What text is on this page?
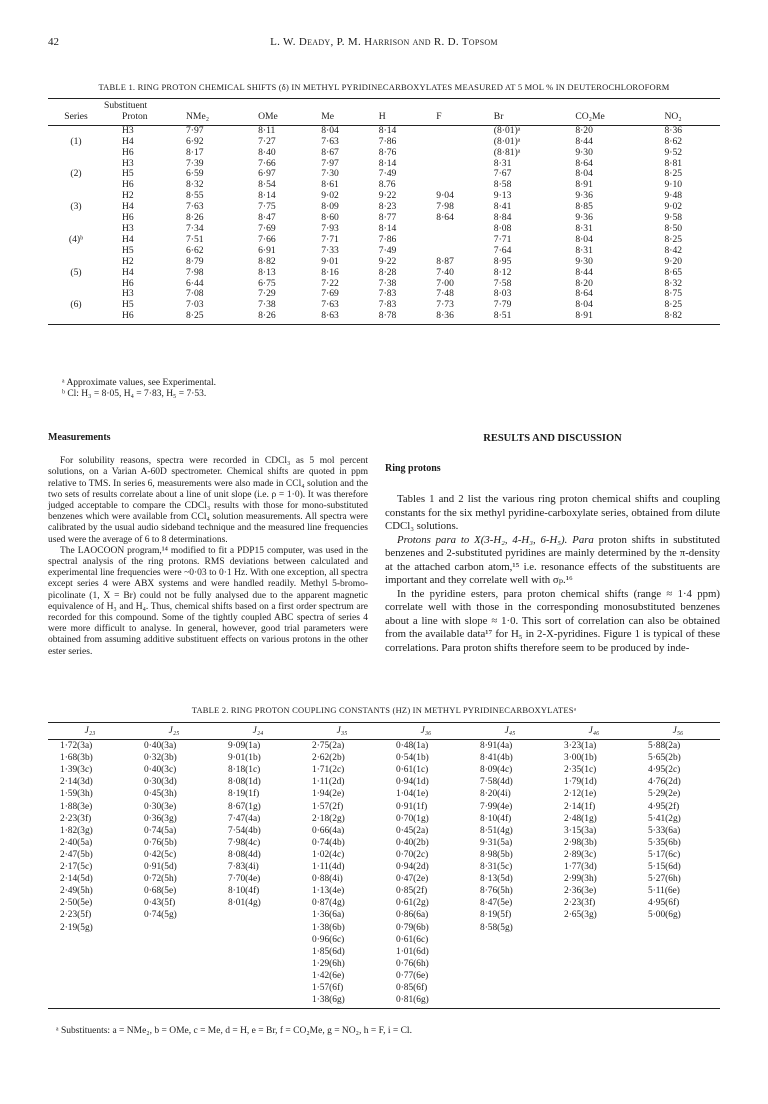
42	L. W. Deady, P. M. Harrison and R. D. Topsom
TABLE 1. RING PROTON CHEMICAL SHIFTS (δ) IN METHYL PYRIDINECARBOXYLATES MEASURED AT 5 MOL % IN DEUTEROCHLOROFORM
	Substituent								
Series	Proton	NMe₂	OMe	Me	H	F	Br	CO₂Me	NO₂
	H3	7·97	8·11	8·04	8·14		(8·01)ᵃ	8·20	8·36
(1)	H4	6·92	7·27	7·63	7·86		(8·01)ᵃ	8·44	8·62
	H6	8·17	8·40	8·67	8·76		(8·81)ᵃ	9·30	9·52
	H3	7·39	7·66	7·97	8·14		8·31	8·64	8·81
(2)	H5	6·59	6·97	7·30	7·49		7·67	8·04	8·25
	H6	8·32	8·54	8·61	8.76		8·58	8·91	9·10
	H2	8·55	8·14	9·02	9·22	9·04	9·13	9·36	9·48
(3)	H4	7·63	7·75	8·09	8·23	7·98	8·41	8·85	9·02
	H6	8·26	8·47	8·60	8·77	8·64	8·84	9·36	9·58
	H3	7·34	7·69	7·93	8·14		8·08	8·31	8·50
(4)ᵇ	H4	7·51	7·66	7·71	7·86		7·71	8·04	8·25
	H5	6·62	6·91	7·33	7·49		7·64	8·31	8·42
	H2	8·79	8·82	9·01	9·22	8·87	8·95	9·30	9·20
(5)	H4	7·98	8·13	8·16	8·28	7·40	8·12	8·44	8·65
	H6	6·44	6·75	7·22	7·38	7·00	7·58	8·20	8·32
	H3	7·08	7·29	7·69	7·83	7·48	8·03	8·64	8·75
(6)	H5	7·03	7·38	7·63	7·83	7·73	7·79	8·04	8·25
	H6	8·25	8·26	8·63	8·78	8·36	8·51	8·91	8·82
ᵃ Approximate values, see Experimental.
ᵇ Cl: H₃ = 8·05, H₄ = 7·83, H₅ = 7·53.
Measurements

For solubility reasons, spectra were recorded in CDCl₃ as 5 mol percent solutions, on a Varian A-60D spectrometer. Chemical shifts are quoted in ppm relative to TMS. In series 6, measurements were also made in CCl₄ solution and the two sets of results correlate about a line of unit slope (i.e. ρ = 1·0). It was therefore judged acceptable to compare the CDCl₃ results with those for mono-substituted benzenes which were available from CCl₄ solution measurements. All spectra were calibrated by the usual audio sideband technique and the measured line frequencies used were the average of 6 to 8 determinations.

The LAOCOON program,¹⁴ modified to fit a PDP15 computer, was used in the spectral analysis of the ring protons. RMS deviations between calculated and experimental line frequencies were ~0·03 to 0·1 Hz. With one exception, all spectra except series 4 were ABX systems and were handled readily. Methyl 5-bromo-picolinate (1, X = Br) could not be fully analysed due to the apparent magnetic equivalence of H₃ and H₄. Thus, chemical shifts based on a first order spectrum are recorded for this compound. Some of the tightly coupled ABC spectra of series 4 were more difficult to analyse. In general, however, good trial parameters were obtained from assuming additive substituent effects on various protons in the other ester series.

RESULTS AND DISCUSSION
Ring protons

Tables 1 and 2 list the various ring proton chemical shifts and coupling constants for the six methyl pyridine-carboxylate series, obtained from dilute CDCl₃ solutions.

Protons para to X(3-H₂, 4-H₃, 6-H₅). Para proton shifts in substituted benzenes and 2-substituted pyridines are mainly determined by the π-density at the attached carbon atom,¹⁵ i.e. resonance effects of the substituents are important and they correlate well with σₚ.¹⁶

In the pyridine esters, para proton chemical shifts (range ≈ 1·4 ppm) correlate well with those in the corresponding monosubstituted benzenes about a line with slope ≈ 1·0. This sort of correlation can also be obtained from the available data¹⁷ for H₅ in 2-X-pyridines. Figure 1 is typical of these correlations. Para proton shifts therefore seem to be produced by inde-

TABLE 2. RING PROTON COUPLING CONSTANTS (HZ) IN METHYL PYRIDINECARBOXYLATESᵃ
J₂₃	J₂₅	J₂₄	J₃₅	J₃₆	J₄₅	J₄₆	J₅₆
1·72(3a)	0·40(3a)	9·09(1a)	2·75(2a)	0·48(1a)	8·91(4a)	3·23(1a)	5·88(2a)
1·68(3b)	0·32(3b)	9·01(1b)	2·62(2b)	0·54(1b)	8·41(4b)	3·00(1b)	5·65(2b)
1·39(3c)	0·40(3c)	8·18(1c)	1·71(2c)	0·61(1c)	8·09(4c)	2·35(1c)	4·95(2c)
2·14(3d)	0·30(3d)	8·08(1d)	1·11(2d)	0·94(1d)	7·58(4d)	1·79(1d)	4·76(2d)
1·59(3h)	0·45(3h)	8·19(1f)	1·94(2e)	1·04(1e)	8·20(4i)	2·12(1e)	5·29(2e)
1·88(3e)	0·30(3e)	8·67(1g)	1·57(2f)	0·91(1f)	7·99(4e)	2·14(1f)	4·95(2f)
2·23(3f)	0·36(3g)	7·47(4a)	2·18(2g)	0·70(1g)	8·10(4f)	2·48(1g)	5·41(2g)
1·82(3g)	0·74(5a)	7·54(4b)	0·66(4a)	0·45(2a)	8·51(4g)	3·15(3a)	5·33(6a)
2·40(5a)	0·76(5b)	7·98(4c)	0·74(4b)	0·40(2b)	9·31(5a)	2·98(3b)	5·35(6b)
2·47(5b)	0·42(5c)	8·08(4d)	1·02(4c)	0·70(2c)	8·98(5b)	2·89(3c)	5·17(6c)
2·17(5c)	0·91(5d)	7·83(4i)	1·11(4d)	0·94(2d)	8·31(5c)	1·77(3d)	5·15(6d)
2·14(5d)	0·72(5h)	7·70(4e)	0·88(4i)	0·47(2e)	8·13(5d)	2·99(3h)	5·27(6h)
2·49(5h)	0·68(5e)	8·10(4f)	1·13(4e)	0·85(2f)	8·76(5h)	2·36(3e)	5·11(6e)
2·50(5e)	0·43(5f)	8·01(4g)	0·87(4g)	0·61(2g)	8·47(5e)	2·23(3f)	4·95(6f)
2·23(5f)	0·74(5g)		1·36(6a)	0·86(6a)	8·19(5f)	2·65(3g)	5·00(6g)
2·19(5g)			1·38(6b)	0·79(6b)	8·58(5g)		
			0·96(6c)	0·61(6c)			
			1·85(6d)	1·01(6d)			
			1·29(6h)	0·76(6h)			
			1·42(6e)	0·77(6e)			
			1·57(6f)	0·85(6f)			
			1·38(6g)	0·81(6g)			
ᵃ Substituents: a = NMe₂, b = OMe, c = Me, d = H, e = Br, f = CO₂Me, g = NO₂, h = F, i = Cl.
